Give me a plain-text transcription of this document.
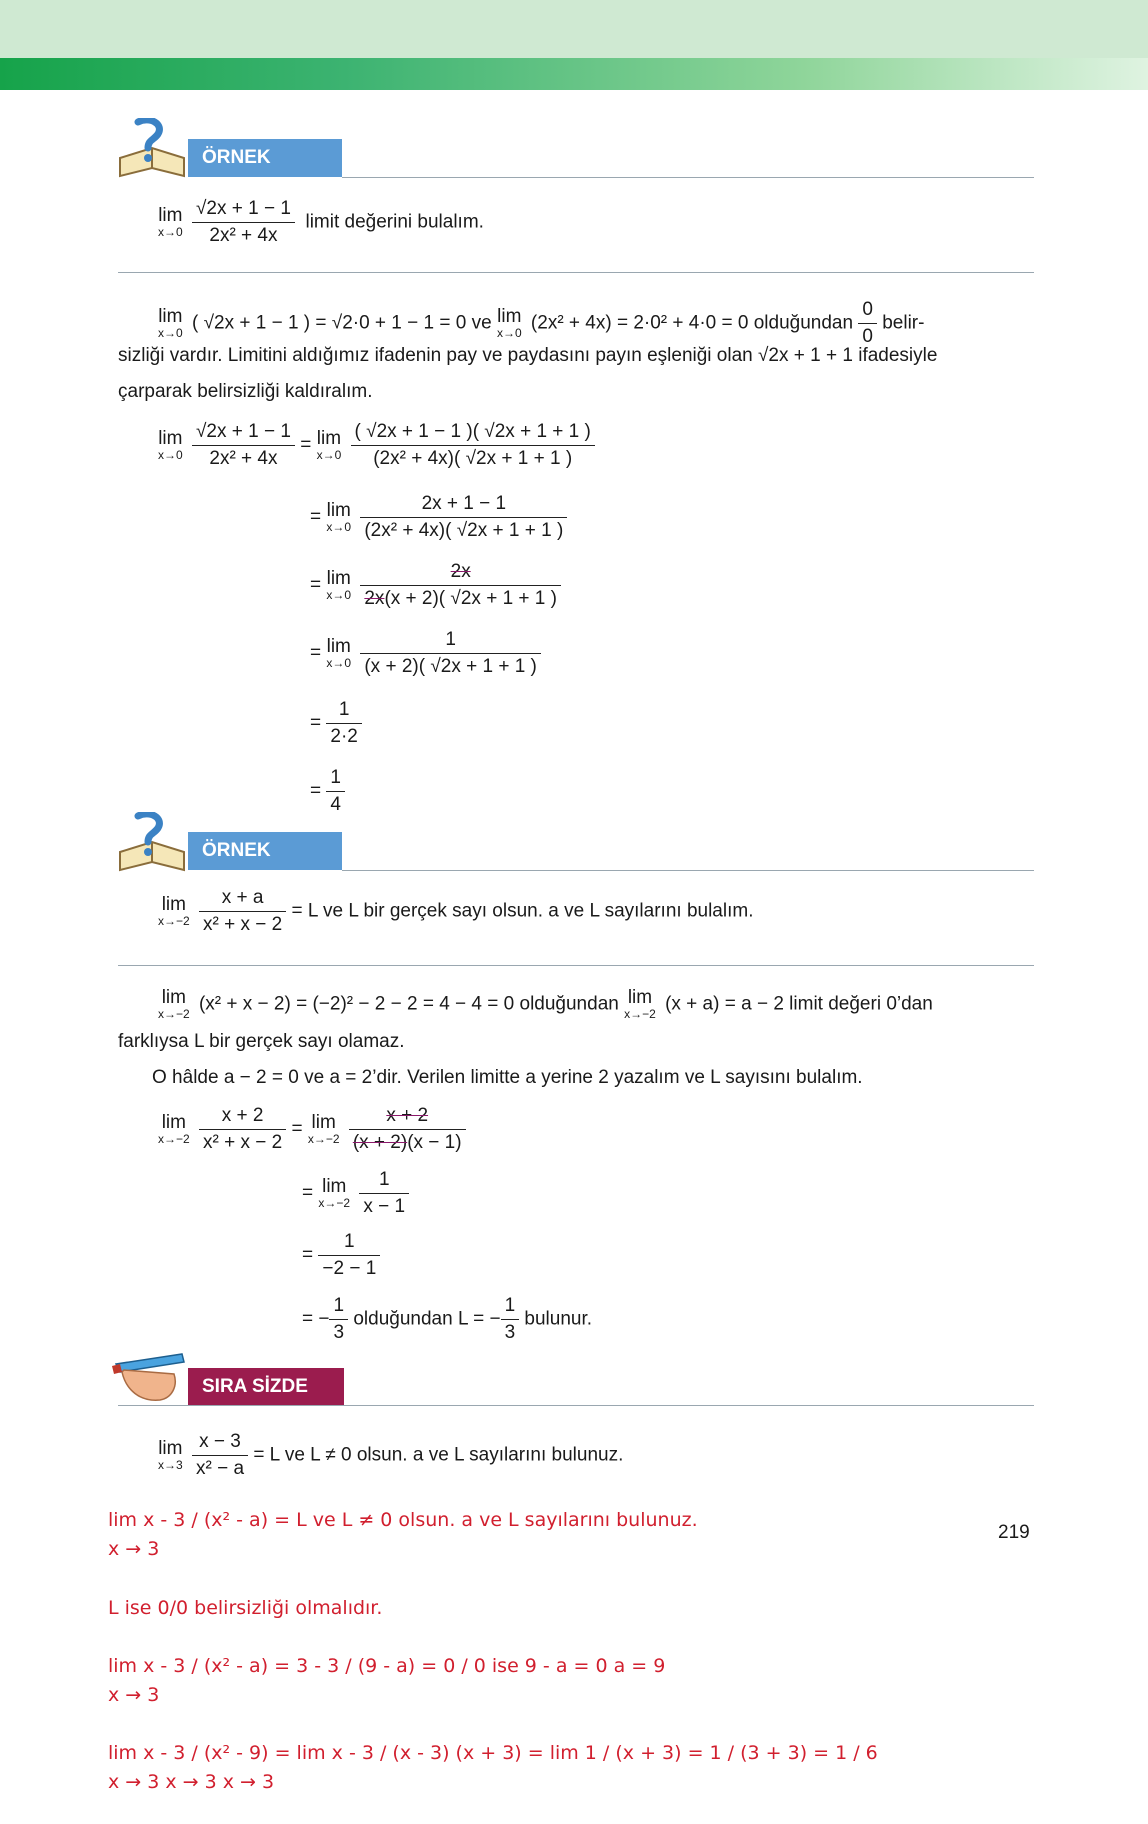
ÖRNEK
lim
x→0
$\frac{√2x + 1 - 1}{\text{2x² + 4x}}$ limit değerini bulalım.
lim
x→0 ( √2x + 1 − 1 ) = √2·0 + 1 − 1 = 0 ve lim
x→0 (2x² + 4x) = 2·0² + 4·0 = 0 olduğundan $\frac{0}{0}$ belir-
sizliği vardır. Limitini aldığımız ifadenin pay ve paydasını payın eşleniği olan √2x + 1 + 1 ifadesiyle
çarparak belirsizliği kaldıralım.
lim
x→0
$\frac{√2x + 1 - 1}{\text{2x² + 4x}} = \lim$
x→0
$\frac{( √2x + 1 - 1 )( √2x + 1 + 1 )}{\text{(2x² + 4x)( √2x + 1 + 1 )}}$
= lim
x→0
$\frac{2x + 1 - 1}{\text{(2x² + 4x)( √2x + 1 + 1 )}}$
= lim
x→0
$\frac{2x}{2x(x + 2)( √2x + 1 + 1 )}$
= lim
x→0
$\frac{1}{(x + 2)( √2x + 1 + 1 )}$
= $\frac{1}{2\cdot 2}$
= $\frac{1}{4}$
ÖRNEK
lim
x→−2
$\frac{x + a}{\text{x² + x − 2}} = L$ ve L bir gerçek sayı olsun. a ve L sayılarını bulalım.
lim
x→−2 (x² + x − 2) = (−2)² − 2 − 2 = 4 − 4 = 0 olduğundan lim
x→−2 (x + a) = a − 2 limit değeri 0’dan
farklıysa L bir gerçek sayı olamaz.
O hâlde a − 2 = 0 ve a = 2’dir. Verilen limitte a yerine 2 yazalım ve L sayısını bulalım.
lim
x→−2
$\frac{x + 2}{\text{x² + x − 2}} = \lim$
x→−2
$\frac{x + 2}{(x + 2)(x - 1)}$
= lim
x→−2
$\frac{1}{x - 1}$
= $\frac{1}{-2 - 1}$
= − $\frac{1}{3}$ olduğundan L = − $\frac{1}{3}$ bulunur.
SIRA SİZDE
lim
x→3
$\frac{x - 3}{\text{x² − a}} = L$ ve L ≠ 0 olsun. a ve L sayılarını bulunuz.
lim x - 3 / (x² - a) = L ve L ≠ 0 olsun. a ve L sayılarını bulunuz.
x → 3
L ise 0/0 belirsizliği olmalıdır.
lim x - 3 / (x² - a) = 3 - 3 / (9 - a) = 0 / 0 ise 9 - a = 0 a = 9
x → 3
lim x - 3 / (x² - 9) = lim x - 3 / (x - 3) (x + 3) = lim 1 / (x + 3) = 1 / (3 + 3) = 1 / 6
x → 3 x → 3 x → 3
219
